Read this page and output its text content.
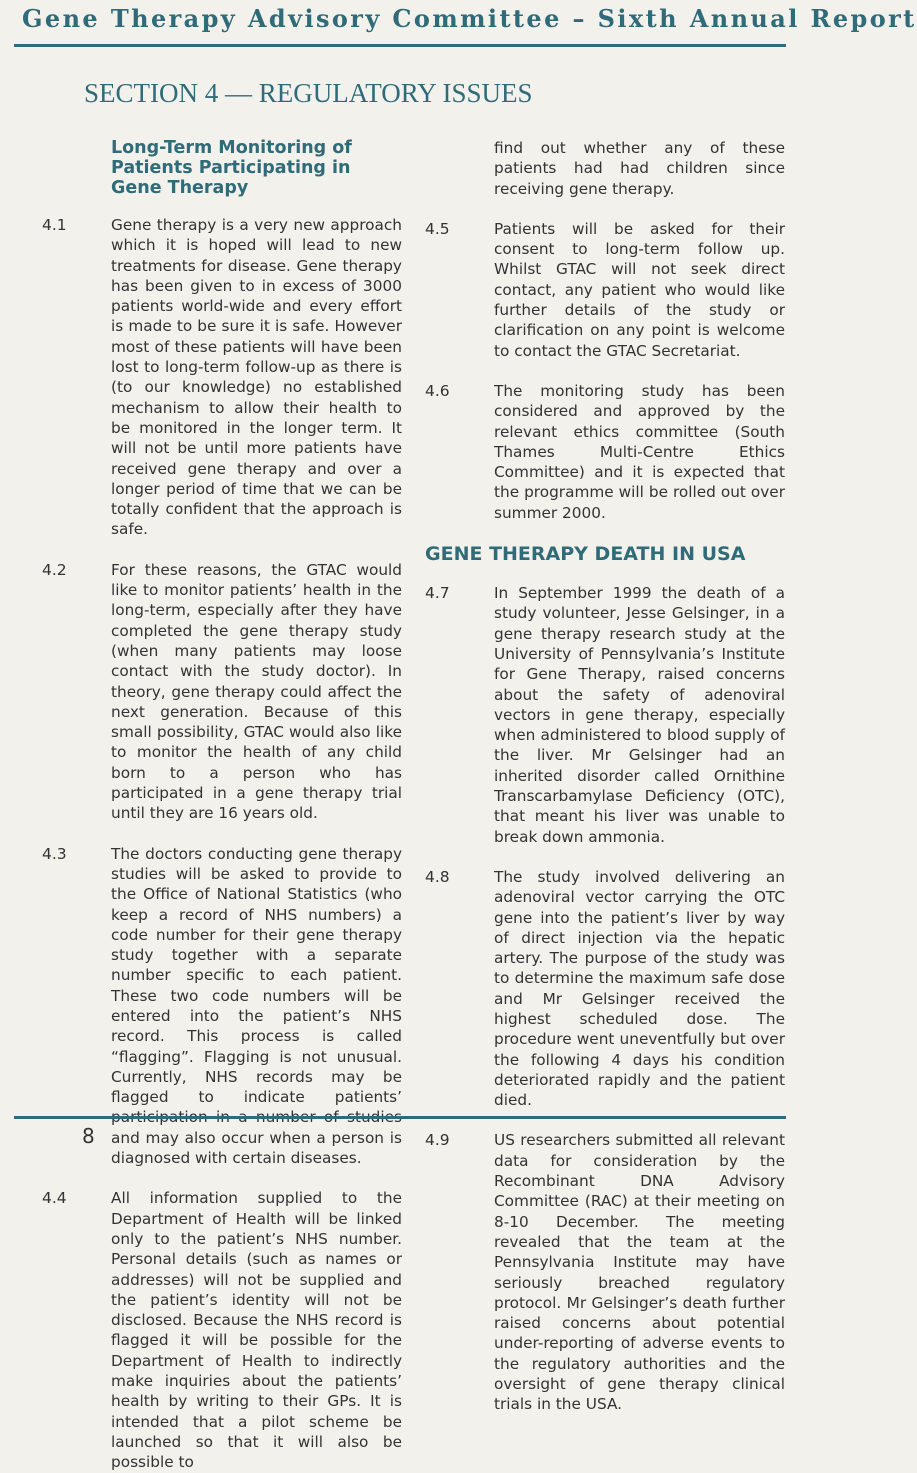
Gene Therapy Advisory Committee – Sixth Annual Report
SECTION 4 — REGULATORY ISSUES

Long-Term Monitoring of Patients Participating in Gene Therapy

4.1	Gene therapy is a very new approach which it is hoped will lead to new treatments for disease. Gene therapy has been given to in excess of 3000 patients world-wide and every effort is made to be sure it is safe. However most of these patients will have been lost to long-term follow-up as there is (to our knowledge) no established mechanism to allow their health to be monitored in the longer term. It will not be until more patients have received gene therapy and over a longer period of time that we can be totally confident that the approach is safe.

4.2	For these reasons, the GTAC would like to monitor patients’ health in the long-term, especially after they have completed the gene therapy study (when many patients may loose contact with the study doctor). In theory, gene therapy could affect the next generation. Because of this small possibility, GTAC would also like to monitor the health of any child born to a person who has participated in a gene therapy trial until they are 16 years old.

4.3	The doctors conducting gene therapy studies will be asked to provide to the Office of National Statistics (who keep a record of NHS numbers) a code number for their gene therapy study together with a separate number specific to each patient. These two code numbers will be entered into the patient’s NHS record. This process is called “flagging”. Flagging is not unusual. Currently, NHS records may be flagged to indicate patients’ and may also occur when a person is diagnosed with certain diseases.

4.4	All information supplied to the Department of Health will be linked only to the patient’s NHS number. Personal details (such as names or addresses) will not be supplied and the patient’s identity will not be disclosed. Because the NHS record is flagged it will be possible for the Department of Health to indirectly make inquiries about the patients’ health by writing to their GPs. It is intended that a pilot scheme be launched so that it will also be possible to

find out whether any of these patients had had children since receiving gene therapy.

4.5	Patients will be asked for their consent to long-term follow up. Whilst GTAC will not seek direct contact, any patient who would like further details of the study or clarification on any point is welcome to contact the GTAC Secretariat.

4.6	The monitoring study has been considered and approved by the relevant ethics committee (South Thames Multi-Centre Ethics Committee) and it is expected that the programme will be rolled out over summer 2000.

GENE THERAPY DEATH IN USA

4.7	In September 1999 the death of a study volunteer, Jesse Gelsinger, in a gene therapy research study at the University of Pennsylvania’s Institute for Gene Therapy, raised concerns about the safety of adenoviral vectors in gene therapy, especially when administered to blood supply of the liver. Mr Gelsinger had an inherited disorder called Ornithine Transcarbamylase Deficiency (OTC), that meant his liver was unable to break down ammonia.

4.8	The study involved delivering an adenoviral vector carrying the OTC gene into the patient’s liver by way of direct injection via the hepatic artery. The purpose of the study was to determine the maximum safe dose and Mr Gelsinger received the highest scheduled dose. The procedure went uneventfully but over the following 4 days his condition deteriorated rapidly and the patient died.

4.9	US researchers submitted all relevant data for consideration by the Recombinant DNA Advisory Committee (RAC) at their meeting on 8-10 December. The meeting revealed that the team at the Pennsylvania Institute may have seriously breached regulatory protocol. Mr Gelsinger’s death further raised concerns about potential under-reporting of adverse events to the regulatory authorities and the oversight of gene therapy clinical trials in the USA.

8
